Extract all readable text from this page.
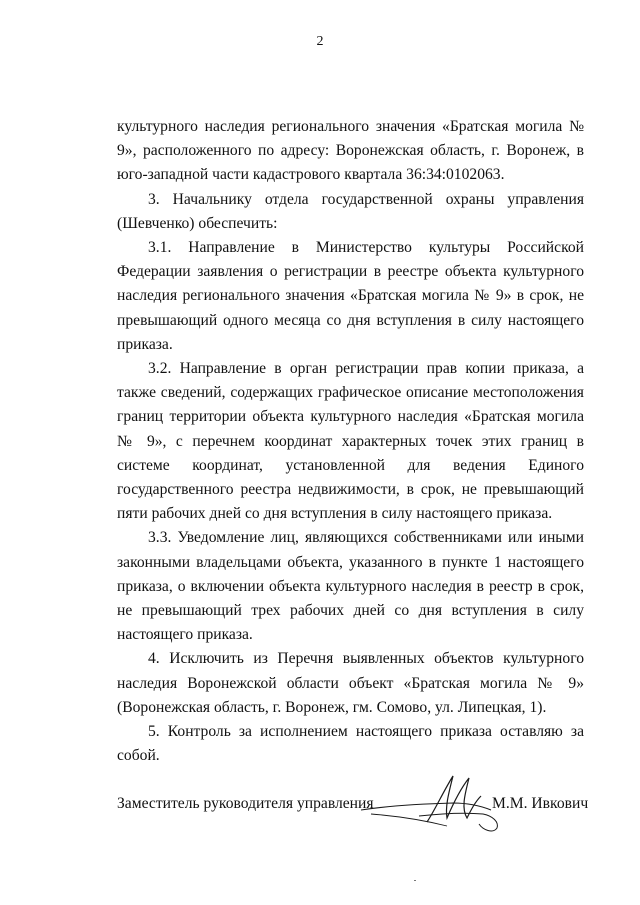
2

культурного наследия регионального значения «Братская могила № 9», расположенного по адресу: Воронежская область, г. Воронеж, в юго-западной части кадастрового квартала 36:34:0102063.

3. Начальнику отдела государственной охраны управления (Шевченко) обеспечить:

3.1. Направление в Министерство культуры Российской Федерации заявления о регистрации в реестре объекта культурного наследия регионального значения «Братская могила № 9» в срок, не превышающий одного месяца со дня вступления в силу настоящего приказа.

3.2. Направление в орган регистрации прав копии приказа, а также сведений, содержащих графическое описание местоположения границ территории объекта культурного наследия «Братская могила № 9», с перечнем координат характерных точек этих границ в системе координат, установленной для ведения Единого государственного реестра недвижимости, в срок, не превышающий пяти рабочих дней со дня вступления в силу настоящего приказа.

3.3. Уведомление лиц, являющихся собственниками или иными законными владельцами объекта, указанного в пункте 1 настоящего приказа, о включении объекта культурного наследия в реестр в срок, не превышающий трех рабочих дней со дня вступления в силу настоящего приказа.

4. Исключить из Перечня выявленных объектов культурного наследия Воронежской области объект «Братская могила № 9» (Воронежская область, г. Воронеж, гм. Сомово, ул. Липецкая, 1).

5. Контроль за исполнением настоящего приказа оставляю за собой.

Заместитель руководителя управления	М.М. Ивкович
